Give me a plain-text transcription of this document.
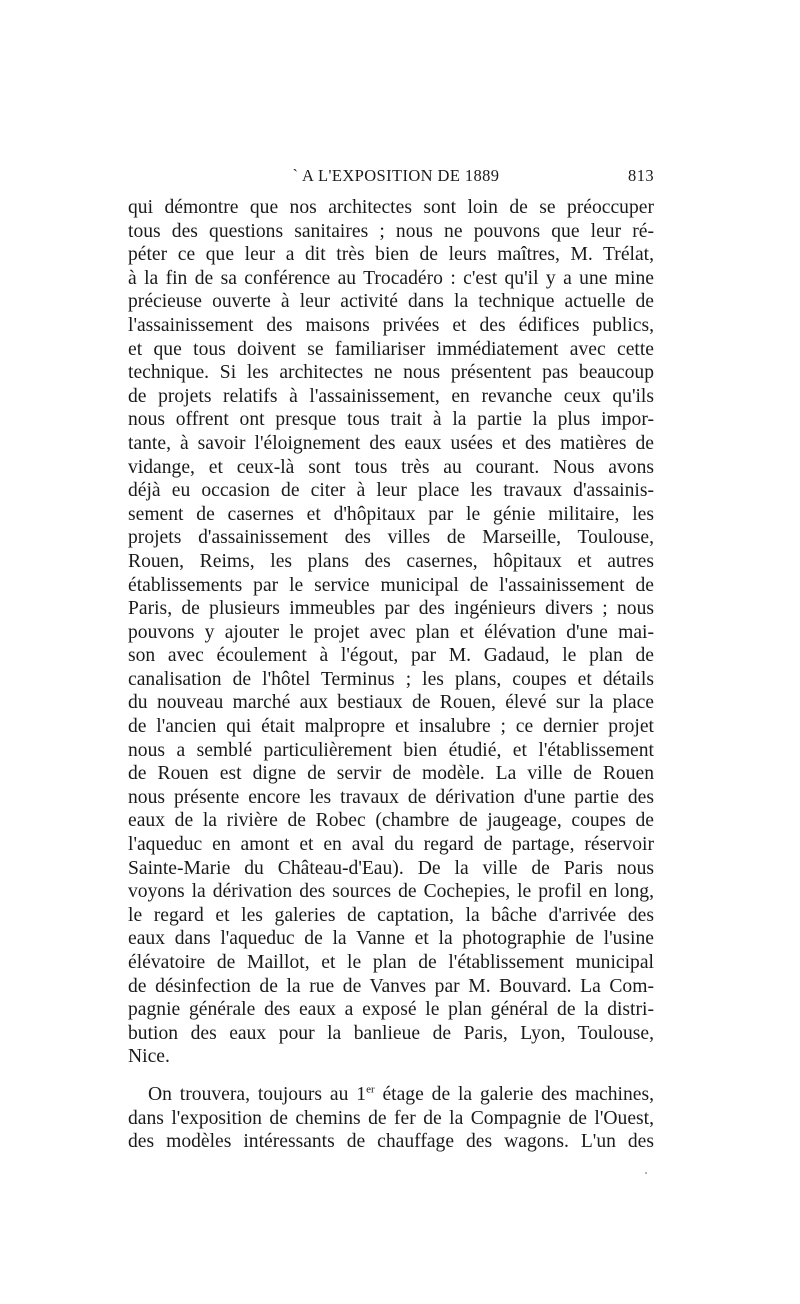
` A L'EXPOSITION DE 1889	813
qui démontre que nos architectes sont loin de se préoccuper
tous des questions sanitaires ; nous ne pouvons que leur ré-
péter ce que leur a dit très bien de leurs maîtres, M. Trélat,
à la fin de sa conférence au Trocadéro : c'est qu'il y a une mine
précieuse ouverte à leur activité dans la technique actuelle de
l'assainissement des maisons privées et des édifices publics,
et que tous doivent se familiariser immédiatement avec cette
technique. Si les architectes ne nous présentent pas beaucoup
de projets relatifs à l'assainissement, en revanche ceux qu'ils
nous offrent ont presque tous trait à la partie la plus impor-
tante, à savoir l'éloignement des eaux usées et des matières de
vidange, et ceux-là sont tous très au courant. Nous avons
déjà eu occasion de citer à leur place les travaux d'assainis-
sement de casernes et d'hôpitaux par le génie militaire, les
projets d'assainissement des villes de Marseille, Toulouse,
Rouen, Reims, les plans des casernes, hôpitaux et autres
établissements par le service municipal de l'assainissement de
Paris, de plusieurs immeubles par des ingénieurs divers ; nous
pouvons y ajouter le projet avec plan et élévation d'une mai-
son avec écoulement à l'égout, par M. Gadaud, le plan de
canalisation de l'hôtel Terminus ; les plans, coupes et détails
du nouveau marché aux bestiaux de Rouen, élevé sur la place
de l'ancien qui était malpropre et insalubre ; ce dernier projet
nous a semblé particulièrement bien étudié, et l'établissement
de Rouen est digne de servir de modèle. La ville de Rouen
nous présente encore les travaux de dérivation d'une partie des
eaux de la rivière de Robec (chambre de jaugeage, coupes de
l'aqueduc en amont et en aval du regard de partage, réservoir
Sainte-Marie du Château-d'Eau). De la ville de Paris nous
voyons la dérivation des sources de Cochepies, le profil en long,
le regard et les galeries de captation, la bâche d'arrivée des
eaux dans l'aqueduc de la Vanne et la photographie de l'usine
élévatoire de Maillot, et le plan de l'établissement municipal
de désinfection de la rue de Vanves par M. Bouvard. La Com-
pagnie générale des eaux a exposé le plan général de la distri-
bution des eaux pour la banlieue de Paris, Lyon, Toulouse,
Nice.
On trouvera, toujours au 1er étage de la galerie des machines,
dans l'exposition de chemins de fer de la Compagnie de l'Ouest,
des modèles intéressants de chauffage des wagons. L'un des
